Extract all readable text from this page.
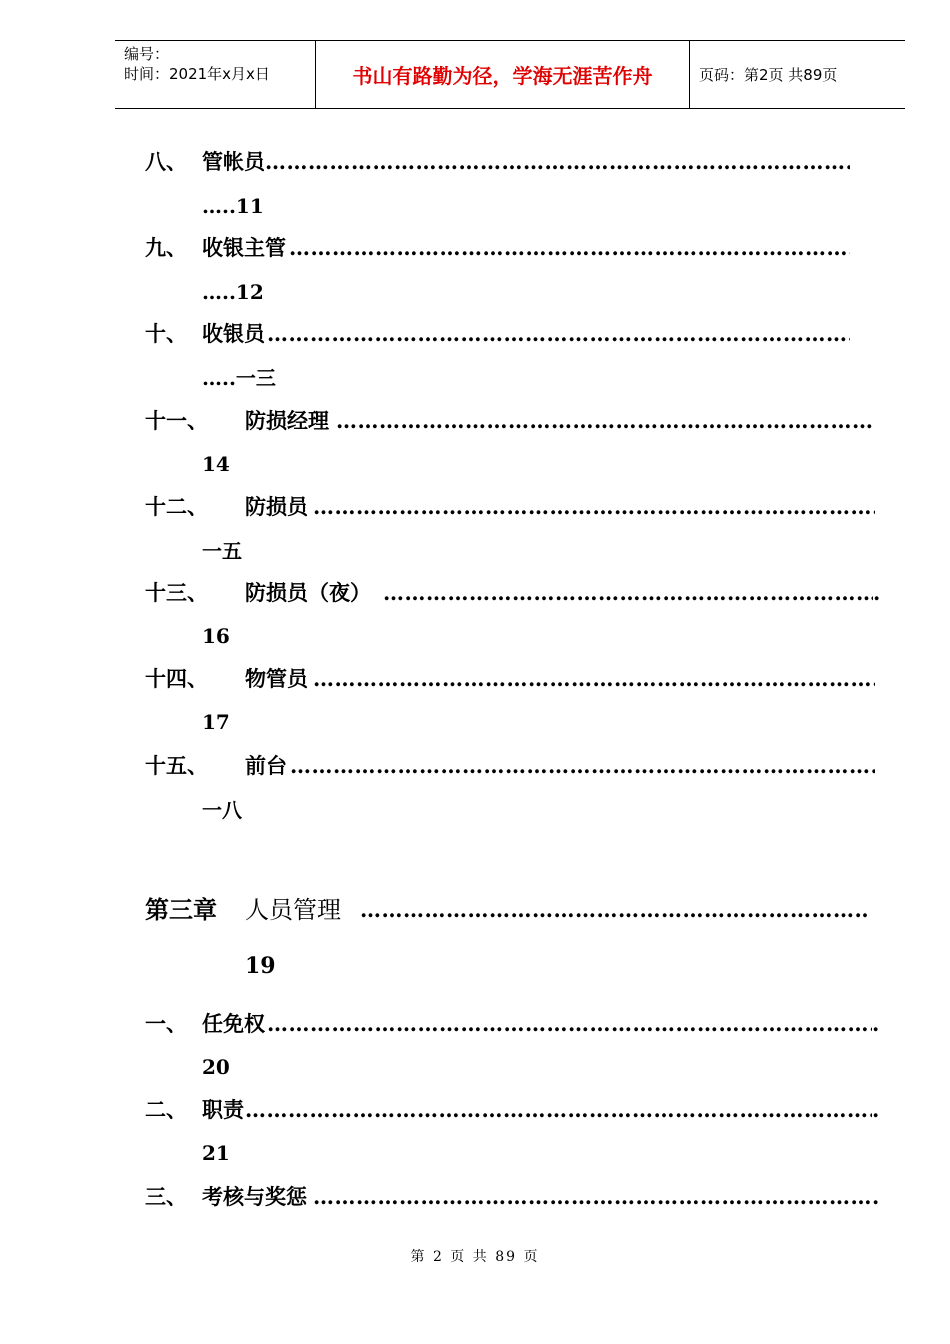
编号：
时间：2021年x月x日	书山有路勤为径，学海无涯苦作舟	页码：第2页 共89页
八、 管帐员
……………………………………………………………………………………………………………………………………………………………………………………
…..11
九、 收银主管
……………………………………………………………………………………………………………………………………………………………………………………
…..12
十、 收银员
……………………………………………………………………………………………………………………………………………………………………………………
…..一三
十一、 防损经理
……………………………………………………………………………………………………………………………………………………………………………………
14
十二、 防损员
……………………………………………………………………………………………………………………………………………………………………………………
一五
十三、 防损员（夜） ……………………………………………………………………………………………………………………………………………………………………………………	.
16
十四、 物管员
……………………………………………………………………………………………………………………………………………………………………………………
17
十五、 前台
……………………………………………………………………………………………………………………………………………………………………………………
一八
第三章 人员管理
……………………………………………………………………………………………………………………………………………………………………………………
19
一、 任免权 ……………………………………………………………………………………………………………………………………………………………………………………	.
20
二、 职责 ……………………………………………………………………………………………………………………………………………………………………………………	.
21
三、 考核与奖惩 ……………………………………………………………………………………………………………………………………………………………………………………	.
第 2 页 共 89 页
